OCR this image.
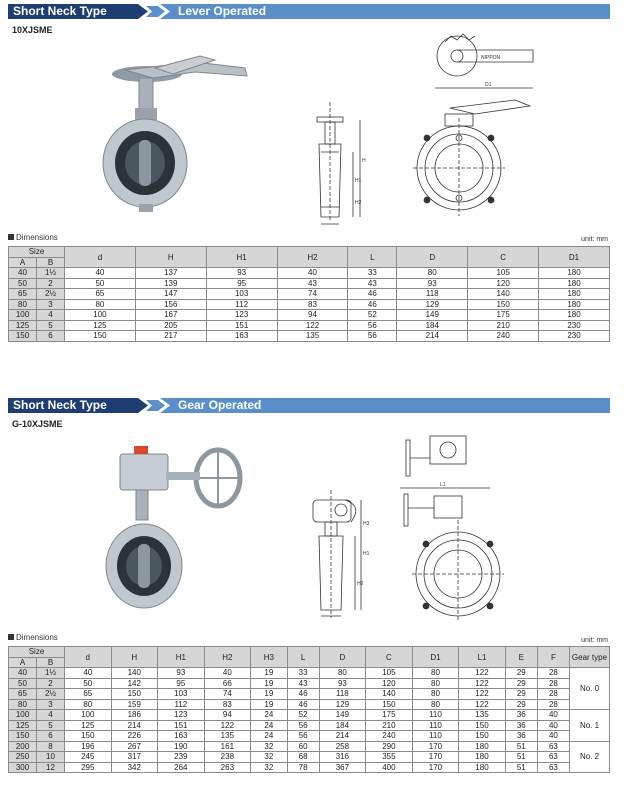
Short Neck Type	Lever Operated
10XJSME
H
H1
H2
NIPPON
D1
Dimensions	unit: mm
Size		d	H	H1	H2	L	D	C	D1
A	B								
40	1½	40	137	93	40	33	80	105	180
50	2	50	139	95	43	43	93	120	180
65	2½	65	147	103	74	46	118	140	180
80	3	80	156	112	83	46	129	150	180
100	4	100	167	123	94	52	149	175	180
125	5	125	205	151	122	56	184	210	230
150	6	150	217	163	135	56	214	240	230
Short Neck Type	Gear Operated
G-10XJSME
H3
H1
H2
L1
Dimensions	unit: mm
Size		d	H	H1	H2	H3	L	D	C	D1	L1	E	F	Gear type
A	B													
40	1½	40	140	93	40	19	33	80	105	80	122	29	28	No. 0
50	2	50	142	95	66	19	43	93	120	80	122	29	28	
65	2½	65	150	103	74	19	46	118	140	80	122	29	28	
80	3	80	159	112	83	19	46	129	150	80	122	29	28	
100	4	100	186	123	94	24	52	149	175	110	135	36	40	No. 1
125	5	125	214	151	122	24	56	184	210	110	150	36	40	
150	6	150	226	163	135	24	56	214	240	110	150	36	40	
200	8	196	267	190	161	32	60	258	290	170	180	51	63	No. 2
250	10	245	317	239	238	32	68	316	355	170	180	51	63	
300	12	295	342	264	263	32	78	367	400	170	180	51	63	
